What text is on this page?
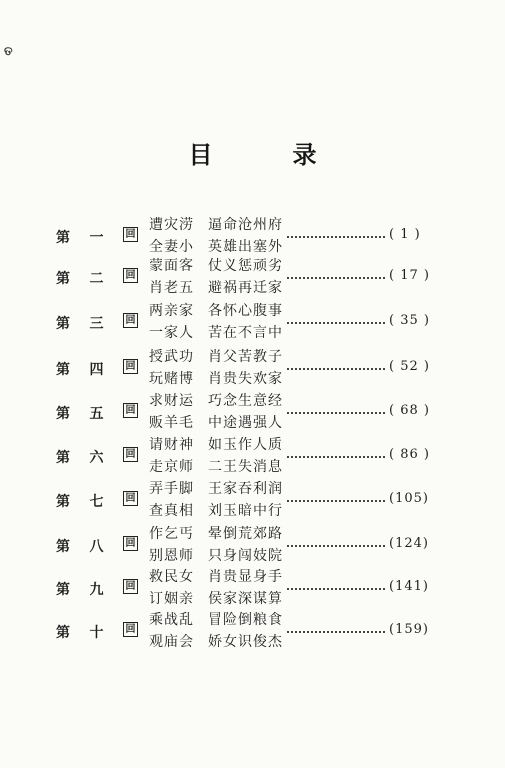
ତ
目　录
第 一 回
遭灾涝 逼命沧州府
全妻小 英雄出塞外
( 1 )
第 二 回
蒙面客 仗义惩顽劣
肖老五 避祸再迁家
( 17 )
第 三 回
两亲家 各怀心腹事
一家人 苦在不言中
( 35 )
第 四 回
授武功 肖父苦教子
玩赌博 肖贵失欢家
( 52 )
第 五 回
求财运 巧念生意经
贩羊毛 中途遇强人
( 68 )
第 六 回
请财神 如玉作人质
走京师 二王失消息
( 86 )
第 七 回
弄手脚 王家吞利润
查真相 刘玉暗中行
(105)
第 八 回
作乞丐 晕倒荒郊路
别恩师 只身闯妓院
(124)
第 九 回
救民女 肖贵显身手
订姻亲 侯家深谋算
(141)
第 十 回
乘战乱 冒险倒粮食
观庙会 娇女识俊杰
(159)
